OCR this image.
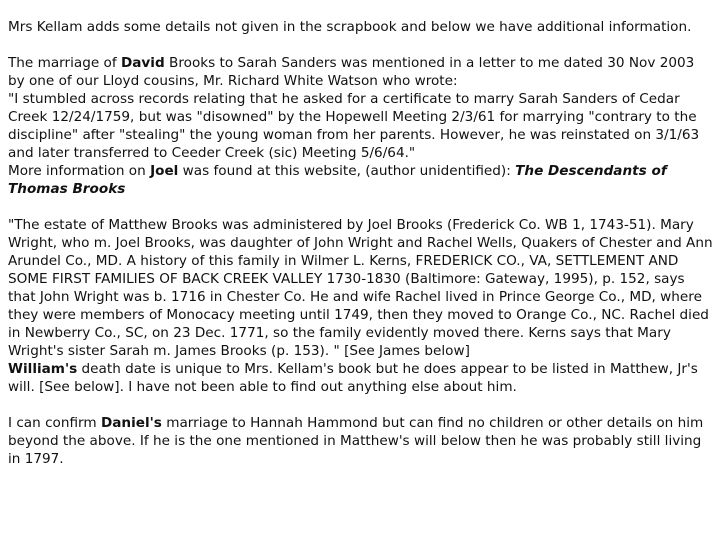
Mrs Kellam adds some details not given in the scrapbook and below we have additional information.

The marriage of David Brooks to Sarah Sanders was mentioned in a letter to me dated 30 Nov 2003 by one of our Lloyd cousins, Mr. Richard White Watson who wrote:

"I stumbled across records relating that he asked for a certificate to marry Sarah Sanders of Cedar Creek 12/24/1759, but was "disowned" by the Hopewell Meeting 2/3/61 for marrying "contrary to the discipline" after "stealing" the young woman from her parents. However, he was reinstated on 3/1/63 and later transferred to Ceeder Creek (sic) Meeting 5/6/64."

More information on Joel was found at this website, (author unidentified): The Descendants of Thomas Brooks

"The estate of Matthew Brooks was administered by Joel Brooks (Frederick Co. WB 1, 1743-51). Mary Wright, who m. Joel Brooks, was daughter of John Wright and Rachel Wells, Quakers of Chester and Ann Arundel Co., MD. A history of this family in Wilmer L. Kerns, FREDERICK CO., VA, SETTLEMENT AND SOME FIRST FAMILIES OF BACK CREEK VALLEY 1730-1830 (Baltimore: Gateway, 1995), p. 152, says that John Wright was b. 1716 in Chester Co. He and wife Rachel lived in Prince George Co., MD, where they were members of Monocacy meeting until 1749, then they moved to Orange Co., NC. Rachel died in Newberry Co., SC, on 23 Dec. 1771, so the family evidently moved there. Kerns says that Mary Wright's sister Sarah m. James Brooks (p. 153). " [See James below]

William's death date is unique to Mrs. Kellam's book but he does appear to be listed in Matthew, Jr's will. [See below]. I have not been able to find out anything else about him.

I can confirm Daniel's marriage to Hannah Hammond but can find no children or other details on him beyond the above. If he is the one mentioned in Matthew's will below then he was probably still living in 1797.
